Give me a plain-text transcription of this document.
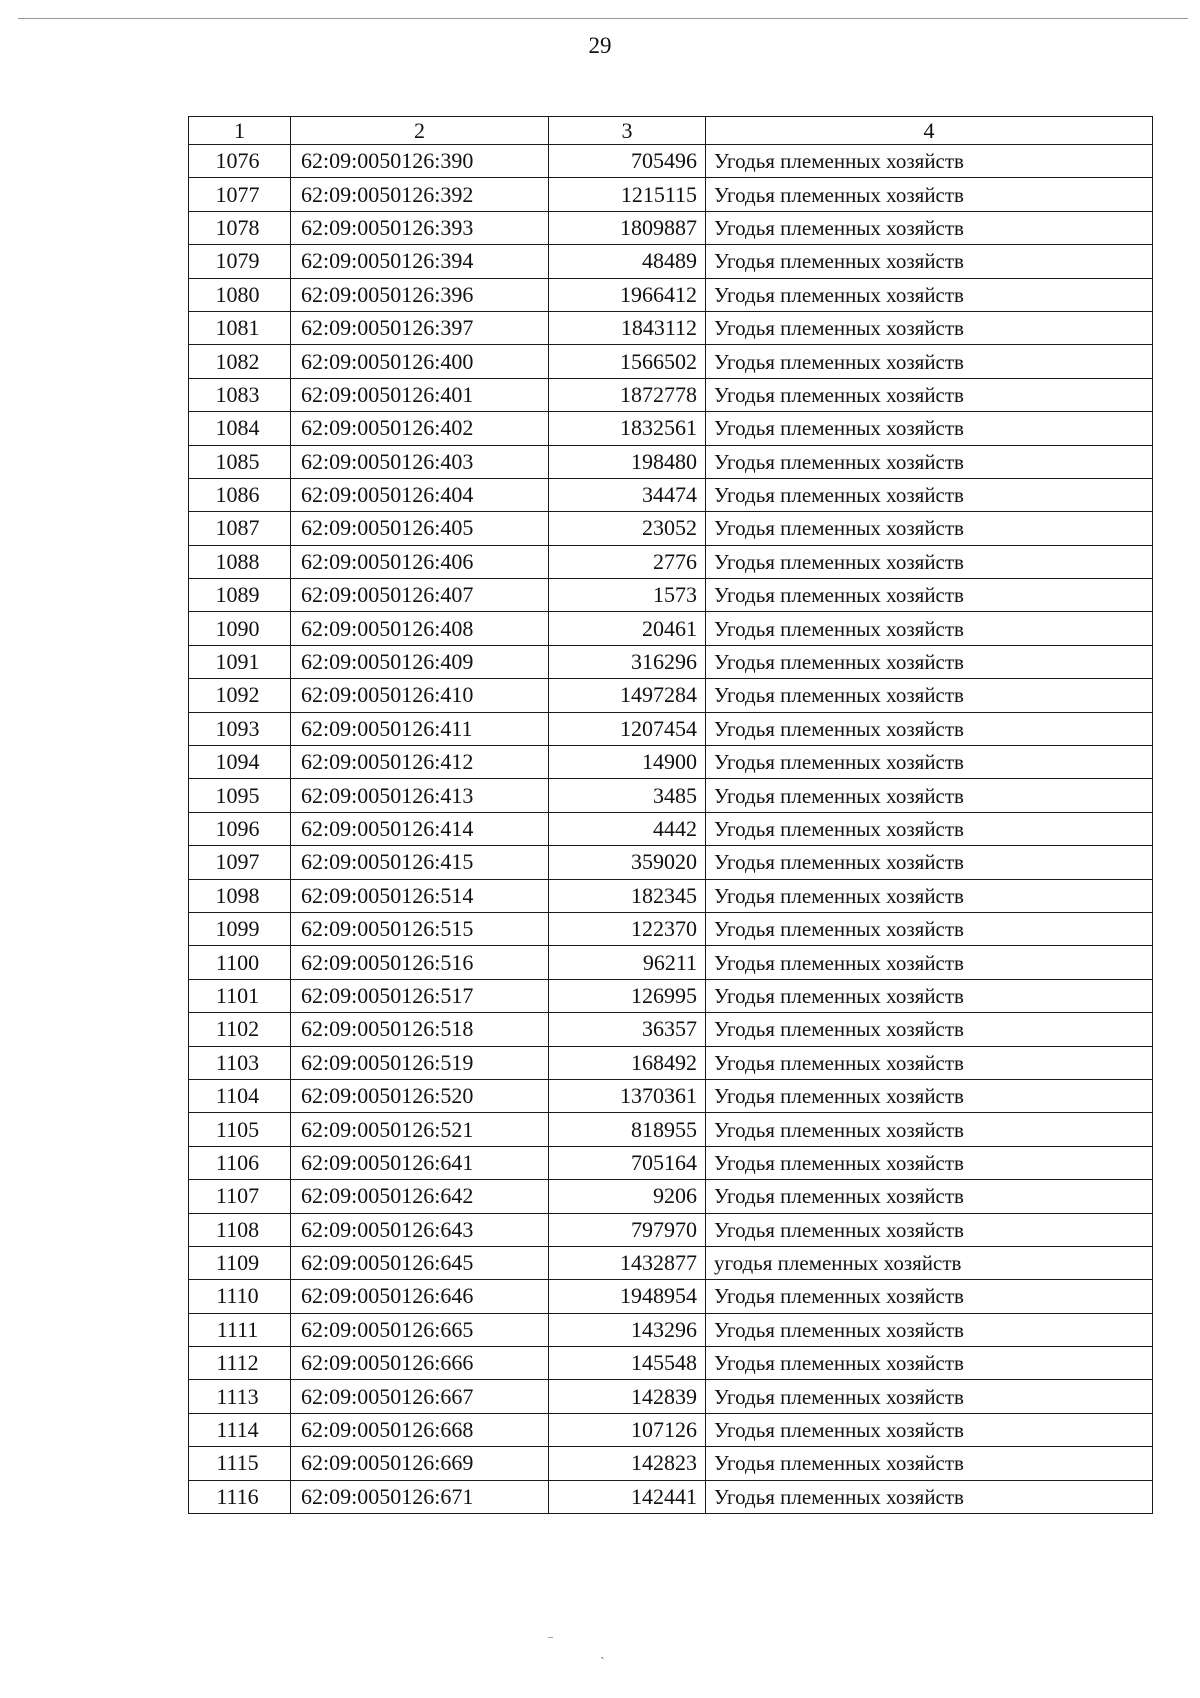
29
1	2	3	4
1076	62:09:0050126:390	705496	Угодья племенных хозяйств
1077	62:09:0050126:392	1215115	Угодья племенных хозяйств
1078	62:09:0050126:393	1809887	Угодья племенных хозяйств
1079	62:09:0050126:394	48489	Угодья племенных хозяйств
1080	62:09:0050126:396	1966412	Угодья племенных хозяйств
1081	62:09:0050126:397	1843112	Угодья племенных хозяйств
1082	62:09:0050126:400	1566502	Угодья племенных хозяйств
1083	62:09:0050126:401	1872778	Угодья племенных хозяйств
1084	62:09:0050126:402	1832561	Угодья племенных хозяйств
1085	62:09:0050126:403	198480	Угодья племенных хозяйств
1086	62:09:0050126:404	34474	Угодья племенных хозяйств
1087	62:09:0050126:405	23052	Угодья племенных хозяйств
1088	62:09:0050126:406	2776	Угодья племенных хозяйств
1089	62:09:0050126:407	1573	Угодья племенных хозяйств
1090	62:09:0050126:408	20461	Угодья племенных хозяйств
1091	62:09:0050126:409	316296	Угодья племенных хозяйств
1092	62:09:0050126:410	1497284	Угодья племенных хозяйств
1093	62:09:0050126:411	1207454	Угодья племенных хозяйств
1094	62:09:0050126:412	14900	Угодья племенных хозяйств
1095	62:09:0050126:413	3485	Угодья племенных хозяйств
1096	62:09:0050126:414	4442	Угодья племенных хозяйств
1097	62:09:0050126:415	359020	Угодья племенных хозяйств
1098	62:09:0050126:514	182345	Угодья племенных хозяйств
1099	62:09:0050126:515	122370	Угодья племенных хозяйств
1100	62:09:0050126:516	96211	Угодья племенных хозяйств
1101	62:09:0050126:517	126995	Угодья племенных хозяйств
1102	62:09:0050126:518	36357	Угодья племенных хозяйств
1103	62:09:0050126:519	168492	Угодья племенных хозяйств
1104	62:09:0050126:520	1370361	Угодья племенных хозяйств
1105	62:09:0050126:521	818955	Угодья племенных хозяйств
1106	62:09:0050126:641	705164	Угодья племенных хозяйств
1107	62:09:0050126:642	9206	Угодья племенных хозяйств
1108	62:09:0050126:643	797970	Угодья племенных хозяйств
1109	62:09:0050126:645	1432877	угодья племенных хозяйств
1110	62:09:0050126:646	1948954	Угодья племенных хозяйств
1111	62:09:0050126:665	143296	Угодья племенных хозяйств
1112	62:09:0050126:666	145548	Угодья племенных хозяйств
1113	62:09:0050126:667	142839	Угодья племенных хозяйств
1114	62:09:0050126:668	107126	Угодья племенных хозяйств
1115	62:09:0050126:669	142823	Угодья племенных хозяйств
1116	62:09:0050126:671	142441	Угодья племенных хозяйств
‾
ˎ
